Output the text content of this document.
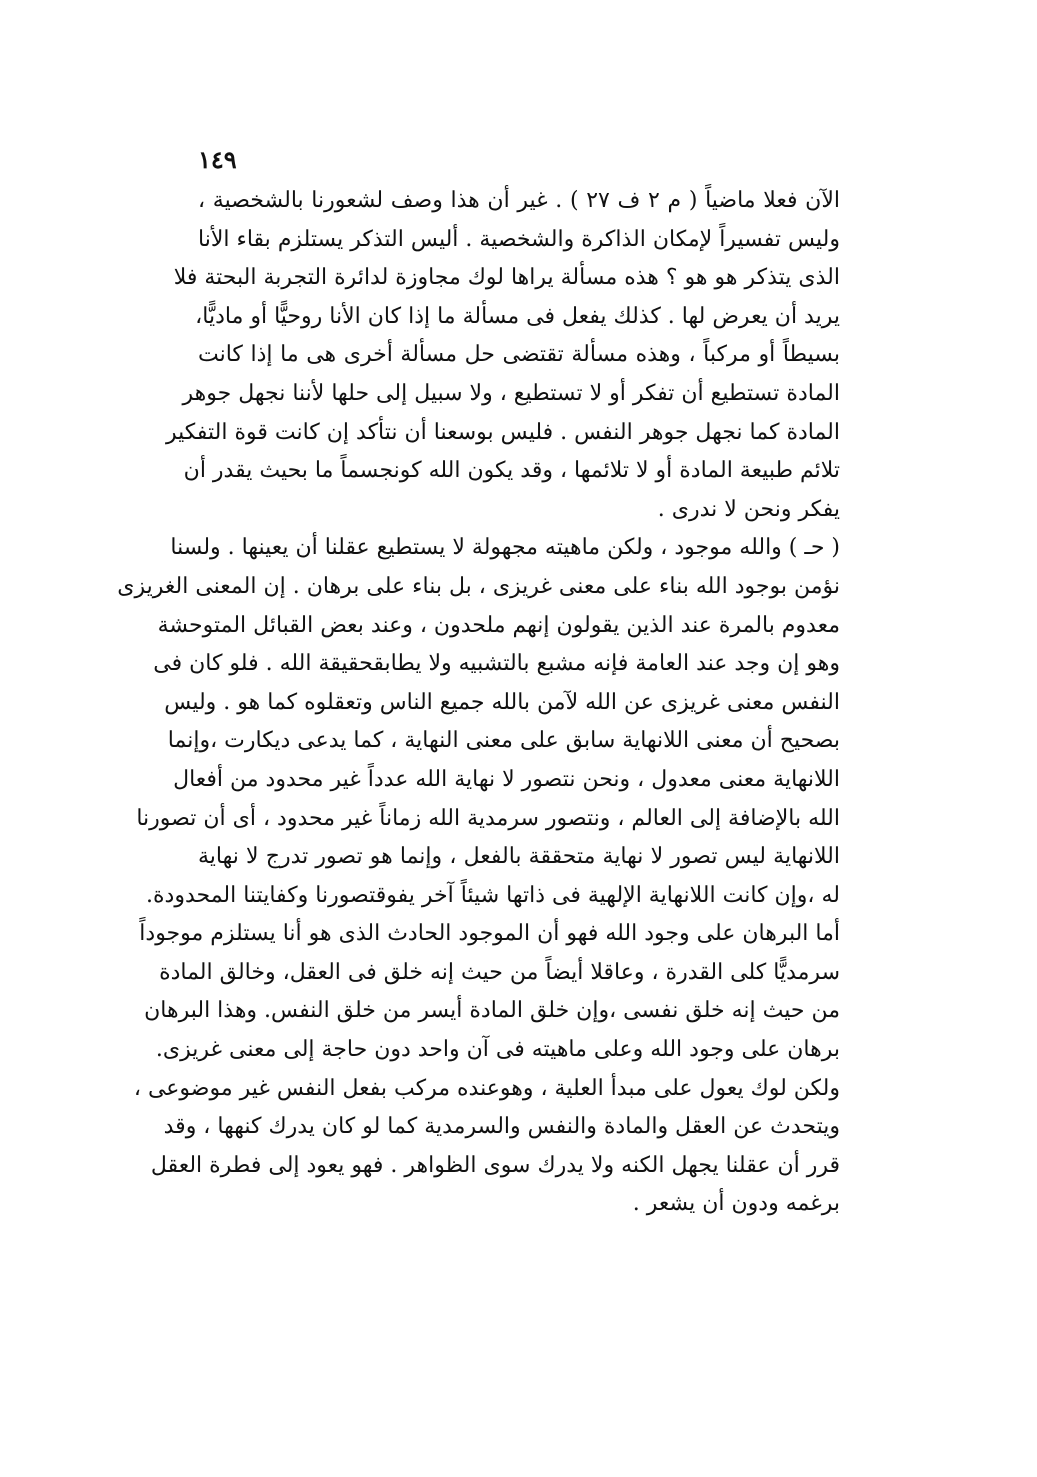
١٤٩
الآن فعلا ماضياً ( م ٢ ف ٢٧ ) . غير أن هذا وصف لشعورنا بالشخصية ،
وليس تفسيراً لإمكان الذاكرة والشخصية . أليس التذكر يستلزم بقاء الأنا
الذى يتذكر هو هو ؟ هذه مسألة يراها لوك مجاوزة لدائرة التجربة البحتة فلا
يريد أن يعرض لها . كذلك يفعل فى مسألة ما إذا كان الأنا روحيًّا أو ماديًّا،
بسيطاً أو مركباً ، وهذه مسألة تقتضى حل مسألة أخرى هى ما إذا كانت
المادة تستطيع أن تفكر أو لا تستطيع ، ولا سبيل إلى حلها لأننا نجهل جوهر
المادة كما نجهل جوهر النفس . فليس بوسعنا أن نتأكد إن كانت قوة التفكير
تلائم طبيعة المادة أو لا تلائمها ، وقد يكون الله كونجسماً ما بحيث يقدر أن
يفكر ونحن لا ندرى .
( حـ ) والله موجود ، ولكن ماهيته مجهولة لا يستطيع عقلنا أن يعينها . ولسنا
نؤمن بوجود الله بناء على معنى غريزى ، بل بناء على برهان . إن المعنى الغريزى
معدوم بالمرة عند الذين يقولون إنهم ملحدون ، وعند بعض القبائل المتوحشة
وهو إن وجد عند العامة فإنه مشبع بالتشبيه ولا يطابقحقيقة الله . فلو كان فى
النفس معنى غريزى عن الله لآمن بالله جميع الناس وتعقلوه كما هو . وليس
بصحيح أن معنى اللانهاية سابق على معنى النهاية ، كما يدعى ديكارت ،وإنما
اللانهاية معنى معدول ، ونحن نتصور لا نهاية الله عدداً غير محدود من أفعال
الله بالإضافة إلى العالم ، ونتصور سرمدية الله زماناً غير محدود ، أى أن تصورنا
اللانهاية ليس تصور لا نهاية متحققة بالفعل ، وإنما هو تصور تدرج لا نهاية
له ،وإن كانت اللانهاية الإلهية فى ذاتها شيئاً آخر يفوقتصورنا وكفايتنا المحدودة.
أما البرهان على وجود الله فهو أن الموجود الحادث الذى هو أنا يستلزم موجوداً
سرمديًّا كلى القدرة ، وعاقلا أيضاً من حيث إنه خلق فى العقل، وخالق المادة
من حيث إنه خلق نفسى ،وإن خلق المادة أيسر من خلق النفس. وهذا البرهان
برهان على وجود الله وعلى ماهيته فى آن واحد دون حاجة إلى معنى غريزى.
ولكن لوك يعول على مبدأ العلية ، وهوعنده مركب بفعل النفس غير موضوعى ،
ويتحدث عن العقل والمادة والنفس والسرمدية كما لو كان يدرك كنهها ، وقد
قرر أن عقلنا يجهل الكنه ولا يدرك سوى الظواهر . فهو يعود إلى فطرة العقل
برغمه ودون أن يشعر .
